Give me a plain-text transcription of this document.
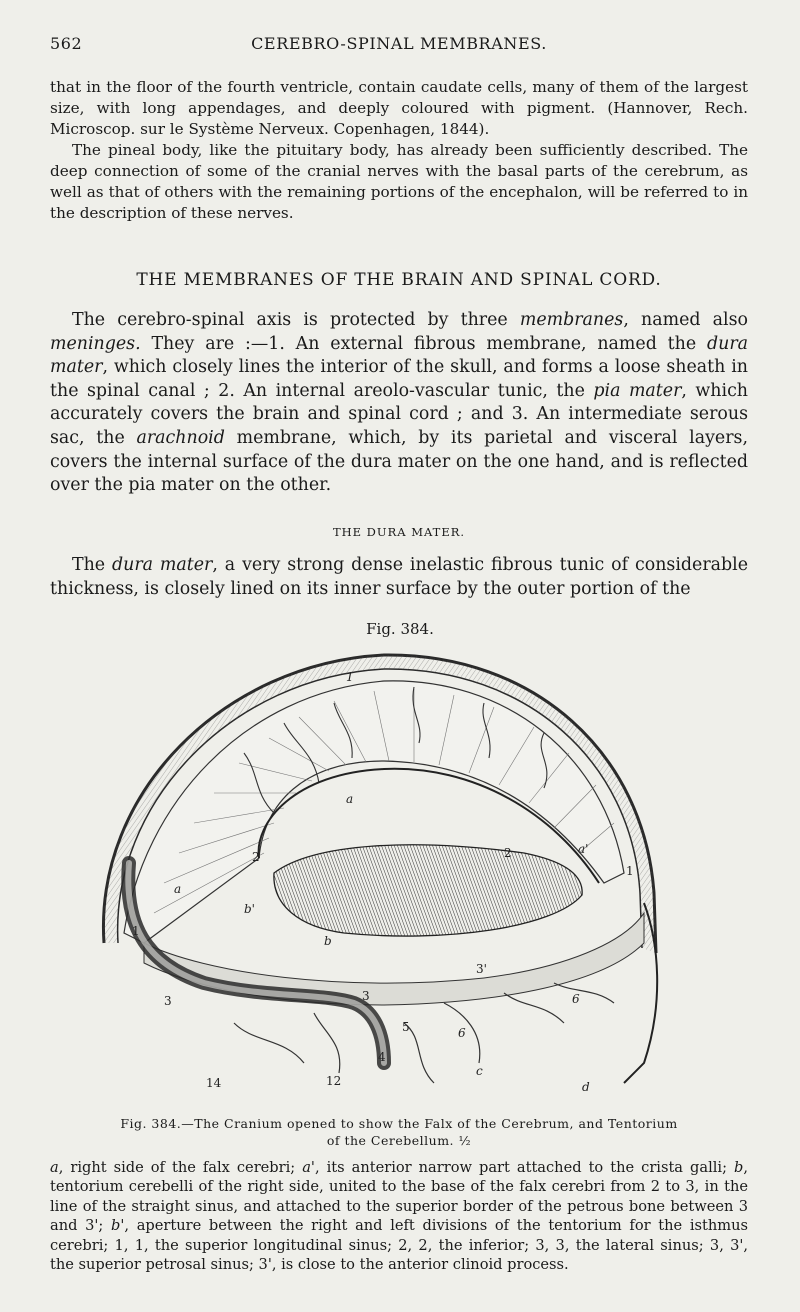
562	CEREBRO-SPINAL MEMBRANES.

that in the floor of the fourth ventricle, contain caudate cells, many of them of the largest size, with long appendages, and deeply coloured with pigment. (Hannover, Rech. Microscop. sur le Système Nerveux. Copenhagen, 1844).

The pineal body, like the pituitary body, has already been sufficiently described. The deep connection of some of the cranial nerves with the basal parts of the cerebrum, as well as that of others with the remaining portions of the encephalon, will be referred to in the description of these nerves.

THE MEMBRANES OF THE BRAIN AND SPINAL CORD.

The cerebro-spinal axis is protected by three membranes, named also meninges. They are :—1. An external fibrous membrane, named the dura mater, which closely lines the interior of the skull, and forms a loose sheath in the spinal canal ; 2. An internal areolo-vascular tunic, the pia mater, which accurately covers the brain and spinal cord ; and 3. An intermediate serous sac, the arachnoid membrane, which, by its parietal and visceral layers, covers the internal surface of the dura mater on the one hand, and is reflected over the pia mater on the other.

THE DURA MATER.

The dura mater, a very strong dense inelastic fibrous tunic of considerable thickness, is closely lined on its inner surface by the outer portion of the

Fig. 384.
1
a
a
a'
2	2
1
1
b
b'
3	3
3'
4
5	6
6
12
14
c
d
Fig. 384.—The Cranium opened to show the Falx of the Cerebrum, and Tentorium
of the Cerebellum. ½

a, right side of the falx cerebri; a', its anterior narrow part attached to the crista galli; b, tentorium cerebelli of the right side, united to the base of the falx cerebri from 2 to 3, in the line of the straight sinus, and attached to the superior border of the petrous bone between 3 and 3'; b', aperture between the right and left divisions of the tentorium for the isthmus cerebri; 1, 1, the superior longitudinal sinus; 2, 2, the inferior; 3, 3, the lateral sinus; 3, 3', the superior petrosal sinus; 3', is close to the anterior clinoid process.
